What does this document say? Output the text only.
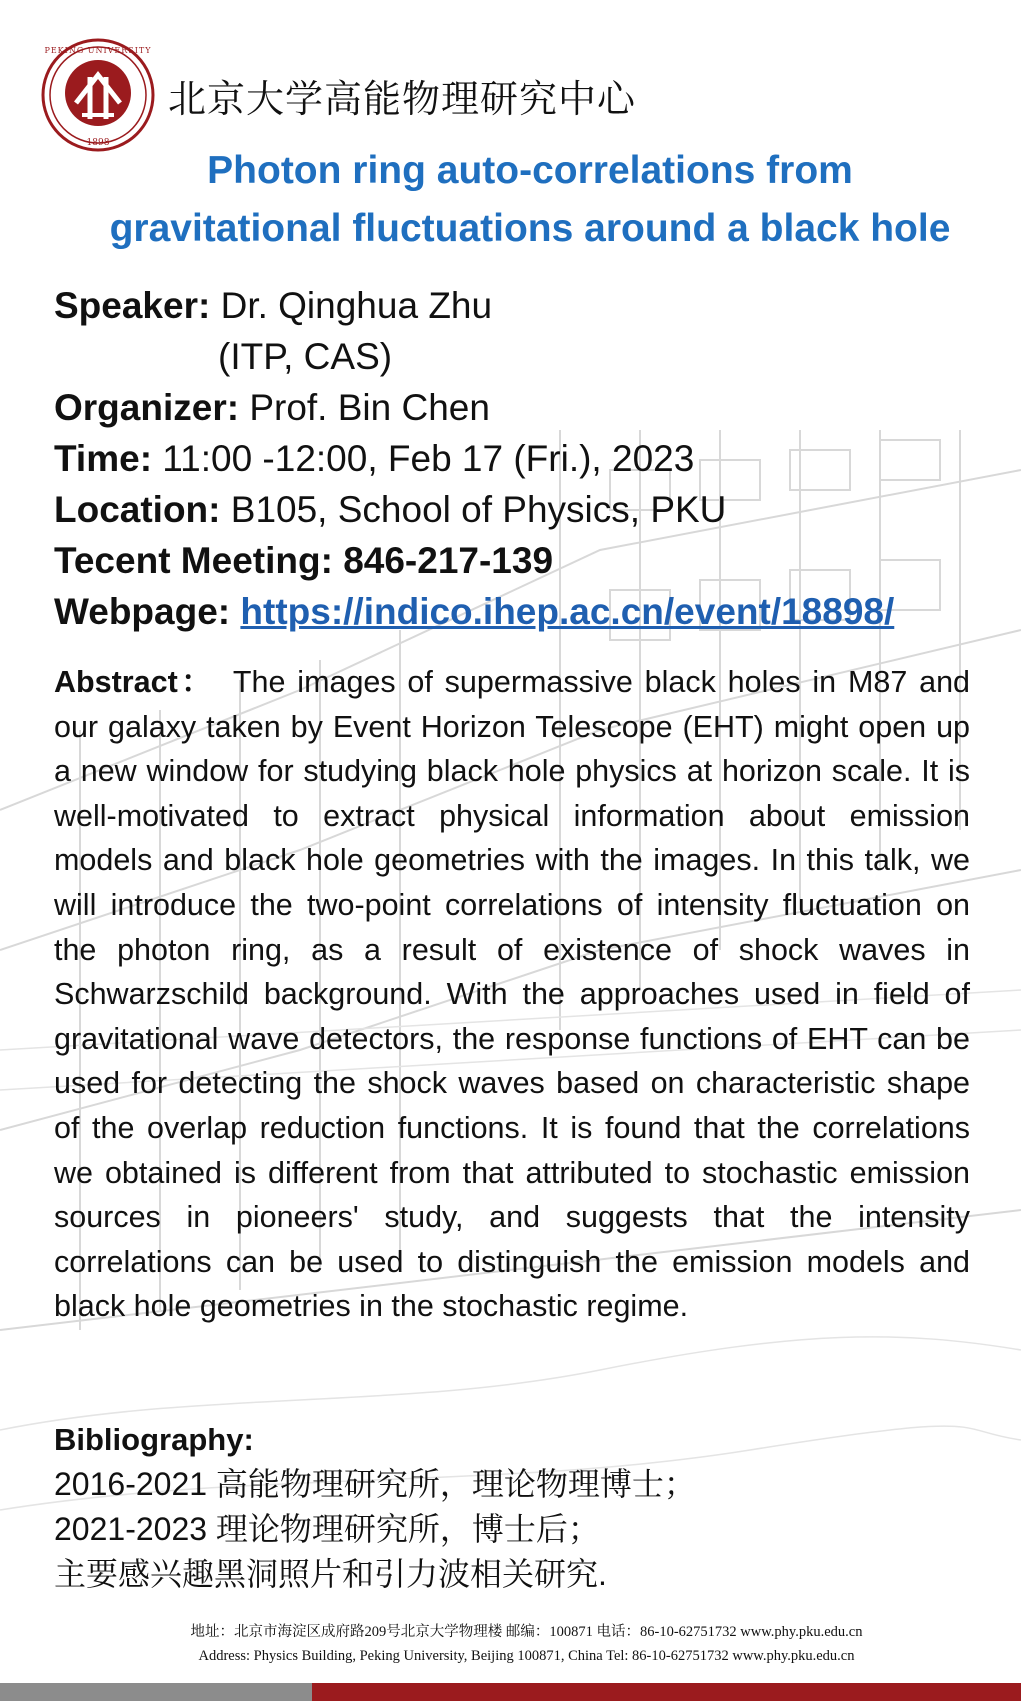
PEKING UNIVERSITY
1898
北京大学高能物理研究中心
Photon ring auto-correlations from
gravitational fluctuations around a black hole
Speaker: Dr. Qinghua Zhu
(ITP, CAS)
Organizer: Prof. Bin Chen
Time: 11:00 -12:00, Feb 17 (Fri.), 2023
Location: B105, School of Physics, PKU
Tecent Meeting: 846-217-139
Webpage: https://indico.ihep.ac.cn/event/18898/
Abstract： The images of supermassive black holes in M87 and our galaxy taken by Event Horizon Telescope (EHT) might open up a new window for studying black hole physics at horizon scale. It is well-motivated to extract physical information about emission models and black hole geometries with the images. In this talk, we will introduce the two-point correlations of intensity fluctuation on the photon ring, as a result of existence of shock waves in Schwarzschild background. With the approaches used in field of gravitational wave detectors, the response functions of EHT can be used for detecting the shock waves based on characteristic shape of the overlap reduction functions. It is found that the correlations we obtained is different from that attributed to stochastic emission sources in pioneers' study, and suggests that the intensity correlations can be used to distinguish the emission models and black hole geometries in the stochastic regime.
Bibliography:
2016-2021 高能物理研究所，理论物理博士；
2021-2023 理论物理研究所，博士后；
主要感兴趣黑洞照片和引力波相关研究.
地址：北京市海淀区成府路209号北京大学物理楼 邮编：100871 电话：86-10-62751732 www.phy.pku.edu.cn
Address: Physics Building, Peking University, Beijing 100871, China Tel: 86-10-62751732 www.phy.pku.edu.cn
